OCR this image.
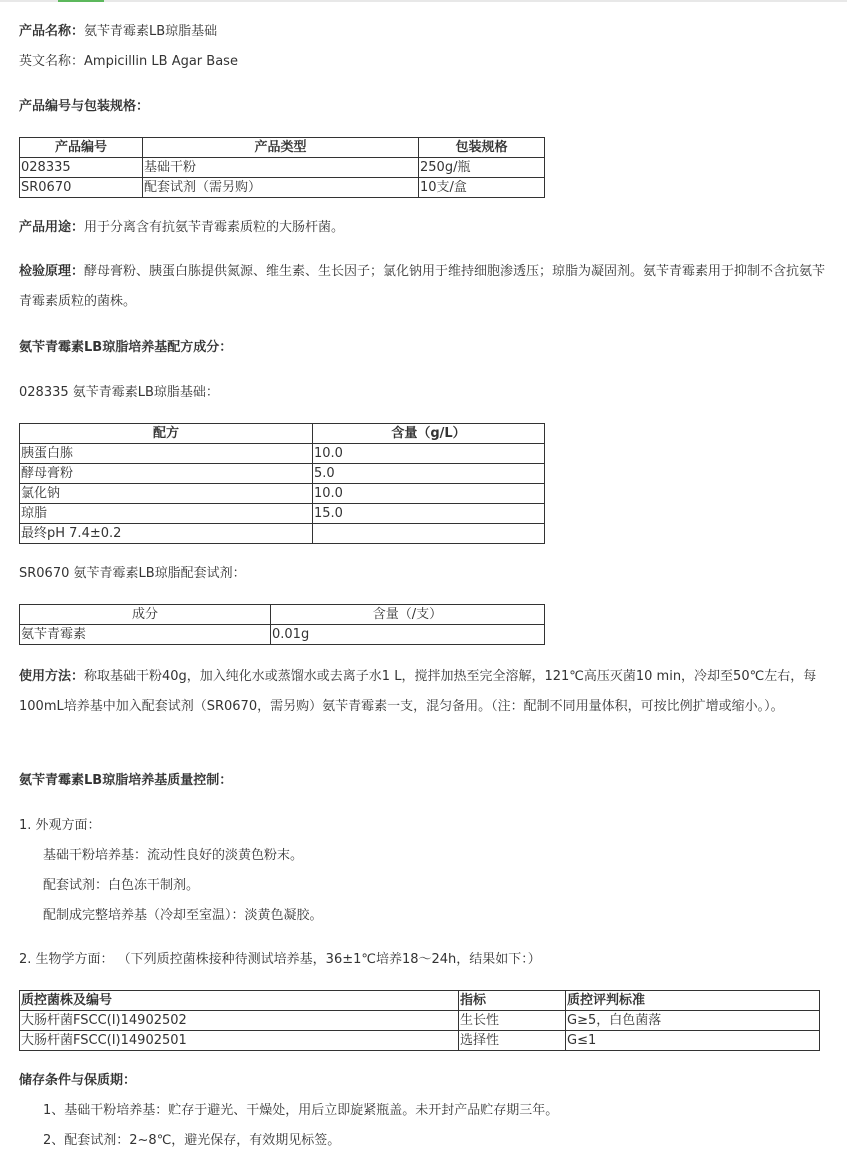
产品名称：氨苄青霉素LB琼脂基础
英文名称：Ampicillin LB Agar Base
产品编号与包装规格：
产品编号	产品类型	包装规格
028335	基础干粉	250g/瓶
SR0670	配套试剂（需另购）	10支/盒
产品用途：用于分离含有抗氨苄青霉素质粒的大肠杆菌。
检验原理：酵母膏粉、胰蛋白胨提供氮源、维生素、生长因子；氯化钠用于维持细胞渗透压；琼脂为凝固剂。氨苄青霉素用于抑制不含抗氨苄青霉素质粒的菌株。
氨苄青霉素LB琼脂培养基配方成分：
028335 氨苄青霉素LB琼脂基础：
配方	含量（g/L）
胰蛋白胨	10.0
酵母膏粉	5.0
氯化钠	10.0
琼脂	15.0
最终pH 7.4±0.2	
SR0670 氨苄青霉素LB琼脂配套试剂：
成分	含量（/支）
氨苄青霉素	0.01g
使用方法：称取基础干粉40g，加入纯化水或蒸馏水或去离子水1 L，搅拌加热至完全溶解，121℃高压灭菌10 min，冷却至50℃左右，每100mL培养基中加入配套试剂（SR0670，需另购）氨苄青霉素一支，混匀备用。（注：配制不同用量体积，可按比例扩增或缩小。）。
氨苄青霉素LB琼脂培养基质量控制：
1. 外观方面：
基础干粉培养基：流动性良好的淡黄色粉末。
配套试剂：白色冻干制剂。
配制成完整培养基（冷却至室温）：淡黄色凝胶。
2. 生物学方面： （下列质控菌株接种待测试培养基，36±1℃培养18～24h，结果如下：）
质控菌株及编号	指标	质控评判标准
大肠杆菌FSCC(I)14902502	生长性	G≥5，白色菌落
大肠杆菌FSCC(I)14902501	选择性	G≤1
储存条件与保质期：
1、基础干粉培养基：贮存于避光、干燥处，用后立即旋紧瓶盖。未开封产品贮存期三年。
2、配套试剂：2~8℃，避光保存，有效期见标签。
